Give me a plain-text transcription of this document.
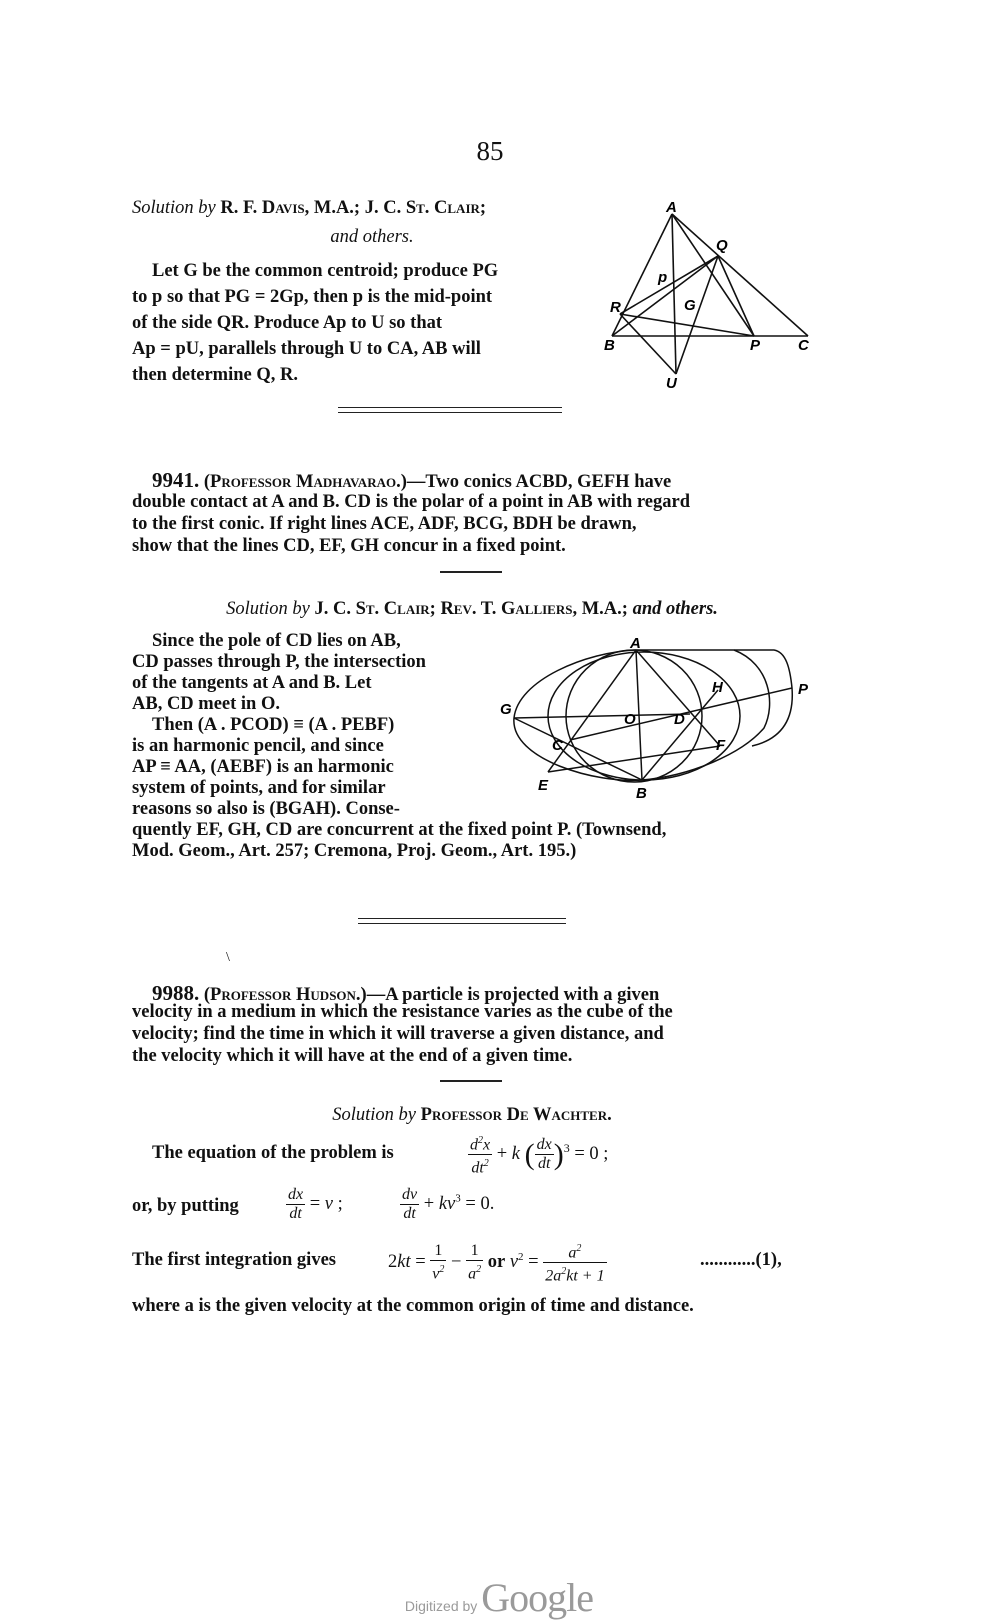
85
Solution by R. F. Davis, M.A.; J. C. St. Clair;
and others.
Let G be the common centroid; produce PG
to p so that PG = 2Gp, then p is the mid-point
of the side QR. Produce Ap to U so that
Ap = pU, parallels through U to CA, AB will
then determine Q, R.
A
Q
p
R	G
B	P	C
U
9941. (Professor Madhavarao.)—Two conics ACBD, GEFH have
double contact at A and B. CD is the polar of a point in AB with regard
to the first conic. If right lines ACE, ADF, BCG, BDH be drawn,
show that the lines CD, EF, GH concur in a fixed point.
Solution by J. C. St. Clair; Rev. T. Galliers, M.A.; and others.
Since the pole of CD lies on AB,
CD passes through P, the intersection
of the tangents at A and B. Let
AB, CD meet in O.
Then (A . PCOD) ≡ (A . PEBF)
is an harmonic pencil, and since
AP ≡ AA, (AEBF) is an harmonic
system of points, and for similar
reasons so also is (BGAH). Conse-
quently EF, GH, CD are concurrent at the fixed point P. (Townsend,
Mod. Geom., Art. 257; Cremona, Proj. Geom., Art. 195.)
A
H	P
G
O	D
C	F
E	B
\
9988. (Professor Hudson.)—A particle is projected with a given
velocity in a medium in which the resistance varies as the cube of the
velocity; find the time in which it will traverse a given distance, and
the velocity which it will have at the end of a given time.
Solution by Professor De Wachter.
The equation of the problem is	$\frac{d^2x}{dt^2} + k$ ( $\frac{dx}{dt} )^3 = 0$ ;
or, by putting	$\frac{dx}{dt} = v$ ;	$\frac{dv}{dt} + kv^3 = 0$.
The first integration gives	$2kt = \frac{1}{v^2} - \frac{1}{a^2}$ or $v^2 = \frac{a^2}{2a^2kt + 1}$	............(1),
where a is the given velocity at the common origin of time and distance.
Digitized by Google
